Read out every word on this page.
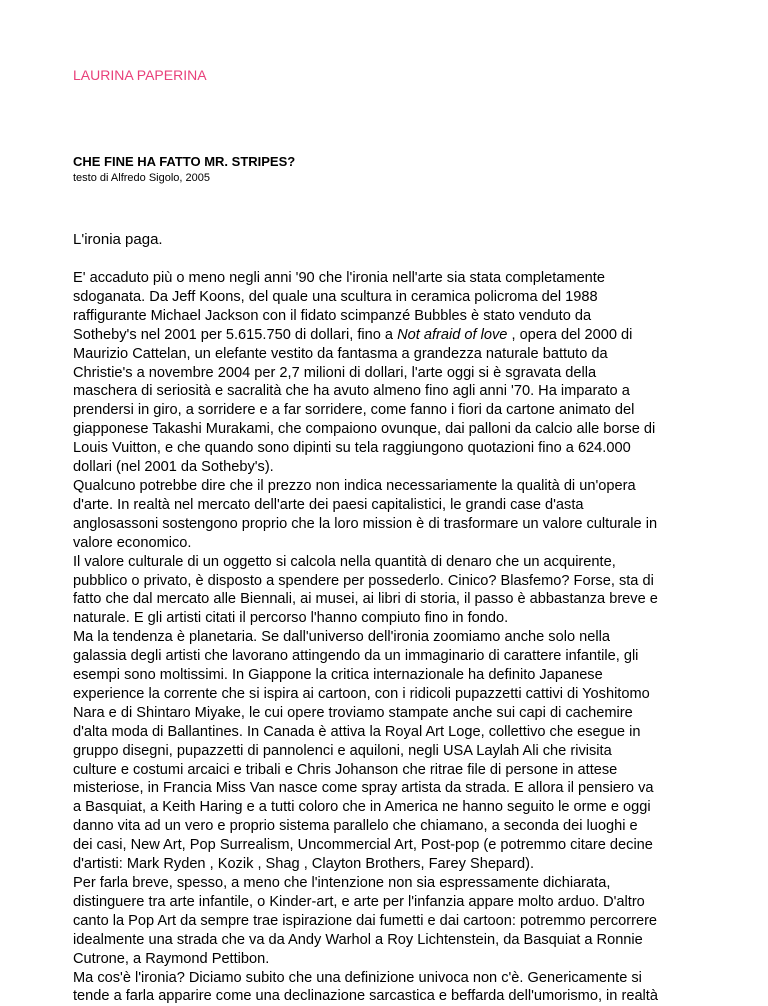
LAURINA PAPERINA
CHE FINE HA FATTO MR. STRIPES?
testo di Alfredo Sigolo, 2005
L'ironia paga.

E' accaduto più o meno negli anni '90 che l'ironia nell'arte sia stata completamente
sdoganata. Da Jeff Koons, del quale una scultura in ceramica policroma del 1988
raffigurante Michael Jackson con il fidato scimpanzé Bubbles è stato venduto da
Sotheby's nel 2001 per 5.615.750 di dollari, fino a Not afraid of love , opera del 2000 di
Maurizio Cattelan, un elefante vestito da fantasma a grandezza naturale battuto da
Christie's a novembre 2004 per 2,7 milioni di dollari, l'arte oggi si è sgravata della
maschera di seriosità e sacralità che ha avuto almeno fino agli anni '70. Ha imparato a
prendersi in giro, a sorridere e a far sorridere, come fanno i fiori da cartone animato del
giapponese Takashi Murakami, che compaiono ovunque, dai palloni da calcio alle borse di
Louis Vuitton, e che quando sono dipinti su tela raggiungono quotazioni fino a 624.000
dollari (nel 2001 da Sotheby's).

Qualcuno potrebbe dire che il prezzo non indica necessariamente la qualità di un'opera
d'arte. In realtà nel mercato dell'arte dei paesi capitalistici, le grandi case d'asta
anglosassoni sostengono proprio che la loro mission è di trasformare un valore culturale in
valore economico.

Il valore culturale di un oggetto si calcola nella quantità di denaro che un acquirente,
pubblico o privato, è disposto a spendere per possederlo. Cinico? Blasfemo? Forse, sta di
fatto che dal mercato alle Biennali, ai musei, ai libri di storia, il passo è abbastanza breve e
naturale. E gli artisti citati il percorso l'hanno compiuto fino in fondo.

Ma la tendenza è planetaria. Se dall'universo dell'ironia zoomiamo anche solo nella
galassia degli artisti che lavorano attingendo da un immaginario di carattere infantile, gli
esempi sono moltissimi. In Giappone la critica internazionale ha definito Japanese
experience la corrente che si ispira ai cartoon, con i ridicoli pupazzetti cattivi di Yoshitomo
Nara e di Shintaro Miyake, le cui opere troviamo stampate anche sui capi di cachemire
d'alta moda di Ballantines. In Canada è attiva la Royal Art Loge, collettivo che esegue in
gruppo disegni, pupazzetti di pannolenci e aquiloni, negli USA Laylah Ali che rivisita
culture e costumi arcaici e tribali e Chris Johanson che ritrae file di persone in attese
misteriose, in Francia Miss Van nasce come spray artista da strada. E allora il pensiero va
a Basquiat, a Keith Haring e a tutti coloro che in America ne hanno seguito le orme e oggi
danno vita ad un vero e proprio sistema parallelo che chiamano, a seconda dei luoghi e
dei casi, New Art, Pop Surrealism, Uncommercial Art, Post-pop (e potremmo citare decine
d'artisti: Mark Ryden , Kozik , Shag , Clayton Brothers, Farey Shepard).

Per farla breve, spesso, a meno che l'intenzione non sia espressamente dichiarata,
distinguere tra arte infantile, o Kinder-art, e arte per l'infanzia appare molto arduo. D'altro
canto la Pop Art da sempre trae ispirazione dai fumetti e dai cartoon: potremmo percorrere
idealmente una strada che va da Andy Warhol a Roy Lichtenstein, da Basquiat a Ronnie
Cutrone, a Raymond Pettibon.

Ma cos'è l'ironia? Diciamo subito che una definizione univoca non c'è. Genericamente si
tende a farla apparire come una declinazione sarcastica e beffarda dell'umorismo, in realtà
